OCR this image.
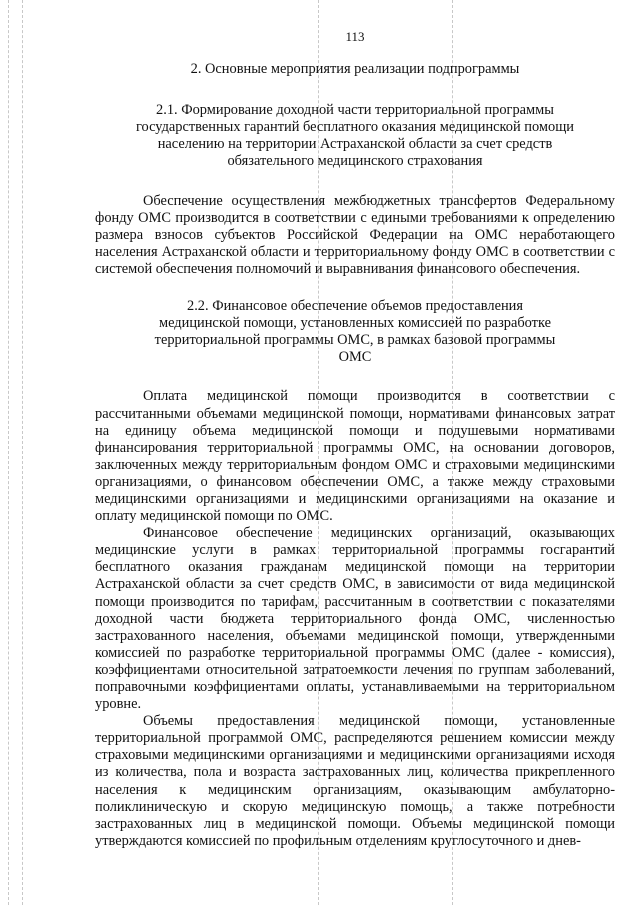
113
2. Основные мероприятия реализации подпрограммы
2.1. Формирование доходной части территориальной программы государственных гарантий бесплатного оказания медицинской помощи населению на территории Астраханской области за счет средств обязательного медицинского страхования

Обеспечение осуществления межбюджетных трансфертов Федеральному фонду ОМС производится в соответствии с едиными требованиями к определению размера взносов субъектов Российской Федерации на ОМС неработающего населения Астраханской области и территориальному фонду ОМС в соответствии с системой обеспечения полномочий и выравнивания финансового обеспечения.

2.2. Финансовое обеспечение объемов предоставления медицинской помощи, установленных комиссией по разработке территориальной программы ОМС, в рамках базовой программы ОМС

Оплата медицинской помощи производится в соответствии с рассчитанными объемами медицинской помощи, нормативами финансовых затрат на единицу объема медицинской помощи и подушевыми нормативами финансирования территориальной программы ОМС, на основании договоров, заключенных между территориальным фондом ОМС и страховыми медицинскими организациями, о финансовом обеспечении ОМС, а также между страховыми медицинскими организациями и медицинскими организациями на оказание и оплату медицинской помощи по ОМС.

Финансовое обеспечение медицинских организаций, оказывающих медицинские услуги в рамках территориальной программы госгарантий бесплатного оказания гражданам медицинской помощи на территории Астраханской области за счет средств ОМС, в зависимости от вида медицинской помощи производится по тарифам, рассчитанным в соответствии с показателями доходной части бюджета территориального фонда ОМС, численностью застрахованного населения, объемами медицинской помощи, утвержденными комиссией по разработке территориальной программы ОМС (далее - комиссия), коэффициентами относительной затратоемкости лечения по группам заболеваний, поправочными коэффициентами оплаты, устанавливаемыми на территориальном уровне.

Объемы предоставления медицинской помощи, установленные территориальной программой ОМС, распределяются решением комиссии между страховыми медицинскими организациями и медицинскими организациями исходя из количества, пола и возраста застрахованных лиц, количества прикрепленного населения к медицинским организациям, оказывающим амбулаторно-поликлиническую и скорую медицинскую помощь, а также потребности застрахованных лиц в медицинской помощи. Объемы медицинской помощи утверждаются комиссией по профильным отделениям круглосуточного и днев-
